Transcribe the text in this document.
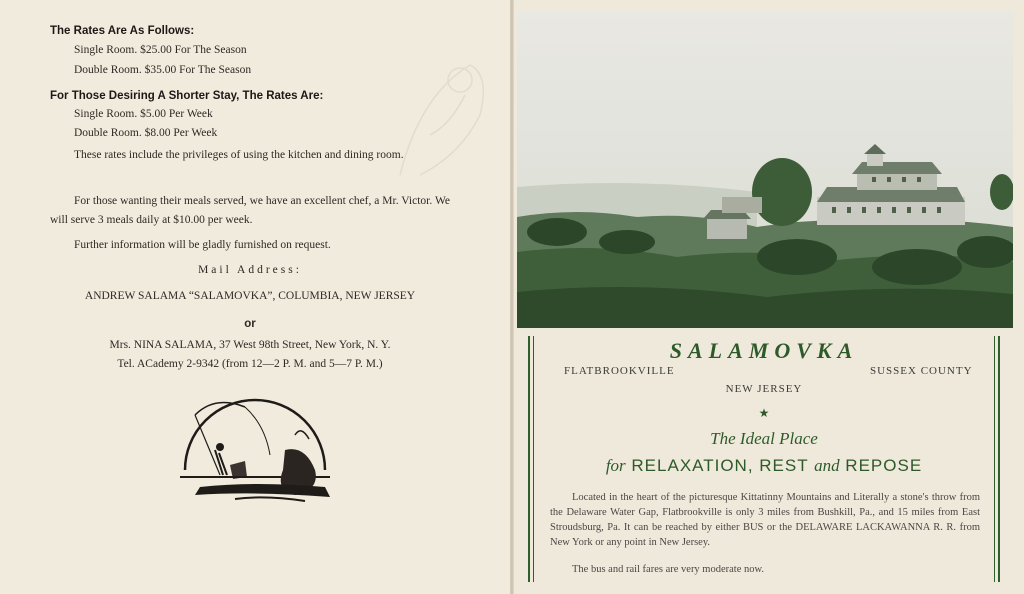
The Rates Are As Follows:
Single Room. $25.00 For The Season
Double Room. $35.00 For The Season
For Those Desiring A Shorter Stay, The Rates Are:
Single Room. $5.00 Per Week
Double Room. $8.00 Per Week
These rates include the privileges of using the kitchen and dining room.
For those wanting their meals served, we have an excellent chef, a Mr. Victor. We will serve 3 meals daily at $10.00 per week.
Further information will be gladly furnished on request.
Mail Address:
ANDREW SALAMA “SALAMOVKA”, COLUMBIA, NEW JERSEY
or
Mrs. NINA SALAMA, 37 West 98th Street, New York, N. Y.
Tel. ACademy 2-9342 (from 12—2 P. M. and 5—7 P. M.)
SALAMOVKA
FLATBROOKVILLE	SUSSEX COUNTY
NEW JERSEY
★
The Ideal Place
for RELAXATION, REST and REPOSE
Located in the heart of the picturesque Kittatinny Mountains and Literally a stone's throw from the Delaware Water Gap, Flatbrookville is only 3 miles from Bushkill, Pa., and 15 miles from East Stroudsburg, Pa. It can be reached by either BUS or the DELAWARE LACKAWANNA R. R. from New York or any point in New Jersey.
The bus and rail fares are very moderate now.
